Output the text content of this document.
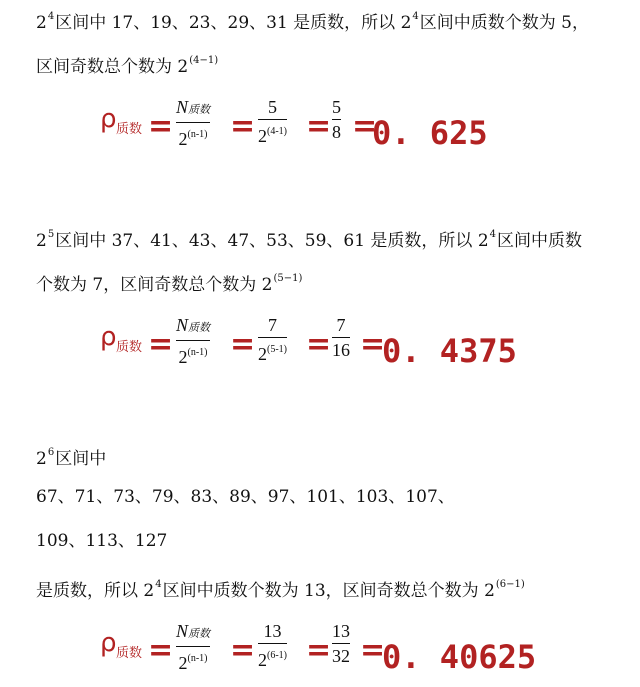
$2^4$区间中 17、19、23、29、31 是质数，所以 $2^4$区间中质数个数为 5，
区间奇数总个数为 $2^{(4-1)}$
ρ 质数 =
N质数
$2^{(n-1)}$ =
5
$2^{(4-1)}$ =
5
8 =
0. 625
$2^5$区间中 37、41、43、47、53、59、61 是质数，所以 $2^4$区间中质数
个数为 7，区间奇数总个数为 $2^{(5-1)}$
ρ 质数 =
N质数
$2^{(n-1)}$ =
7
$2^{(5-1)}$ =
7
16 =
0. 4375
$2^6$区间中
67、71、73、79、83、89、97、101、103、107、
109、113、127
是质数，所以 $2^4$区间中质数个数为 13，区间奇数总个数为 $2^{(6-1)}$
ρ 质数 =
N质数
$2^{(n-1)}$ =
13
$2^{(6-1)}$ =
13
32 =
0. 40625
